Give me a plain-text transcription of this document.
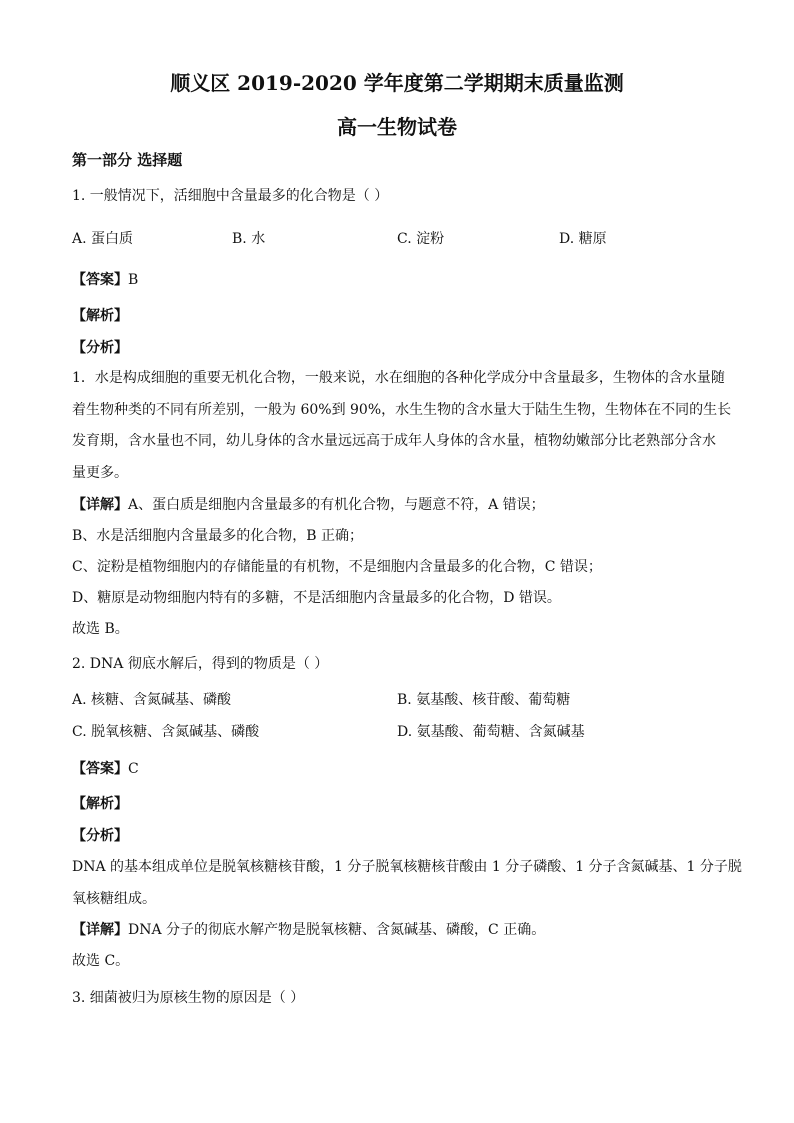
顺义区 2019-2020 学年度第二学期期末质量监测
高一生物试卷
第一部分 选择题
1. 一般情况下，活细胞中含量最多的化合物是（ ）
A. 蛋白质	B. 水	C. 淀粉	D. 糖原
【答案】B
【解析】
【分析】
1．水是构成细胞的重要无机化合物，一般来说，水在细胞的各种化学成分中含量最多，生物体的含水量随
着生物种类的不同有所差别，一般为 60%到 90%，水生生物的含水量大于陆生生物，生物体在不同的生长
发育期，含水量也不同，幼儿身体的含水量远远高于成年人身体的含水量，植物幼嫩部分比老熟部分含水
量更多。
【详解】A、蛋白质是细胞内含量最多的有机化合物，与题意不符，A 错误；
B、水是活细胞内含量最多的化合物，B 正确；
C、淀粉是植物细胞内的存储能量的有机物，不是细胞内含量最多的化合物，C 错误；
D、糖原是动物细胞内特有的多糖，不是活细胞内含量最多的化合物，D 错误。
故选 B。
2. DNA 彻底水解后，得到的物质是（ ）
A. 核糖、含氮碱基、磷酸	B. 氨基酸、核苷酸、葡萄糖
C. 脱氧核糖、含氮碱基、磷酸	D. 氨基酸、葡萄糖、含氮碱基
【答案】C
【解析】
【分析】
DNA 的基本组成单位是脱氧核糖核苷酸，1 分子脱氧核糖核苷酸由 1 分子磷酸、1 分子含氮碱基、1 分子脱
氧核糖组成。
【详解】DNA 分子的彻底水解产物是脱氧核糖、含氮碱基、磷酸，C 正确。
故选 C。
3. 细菌被归为原核生物的原因是（ ）
